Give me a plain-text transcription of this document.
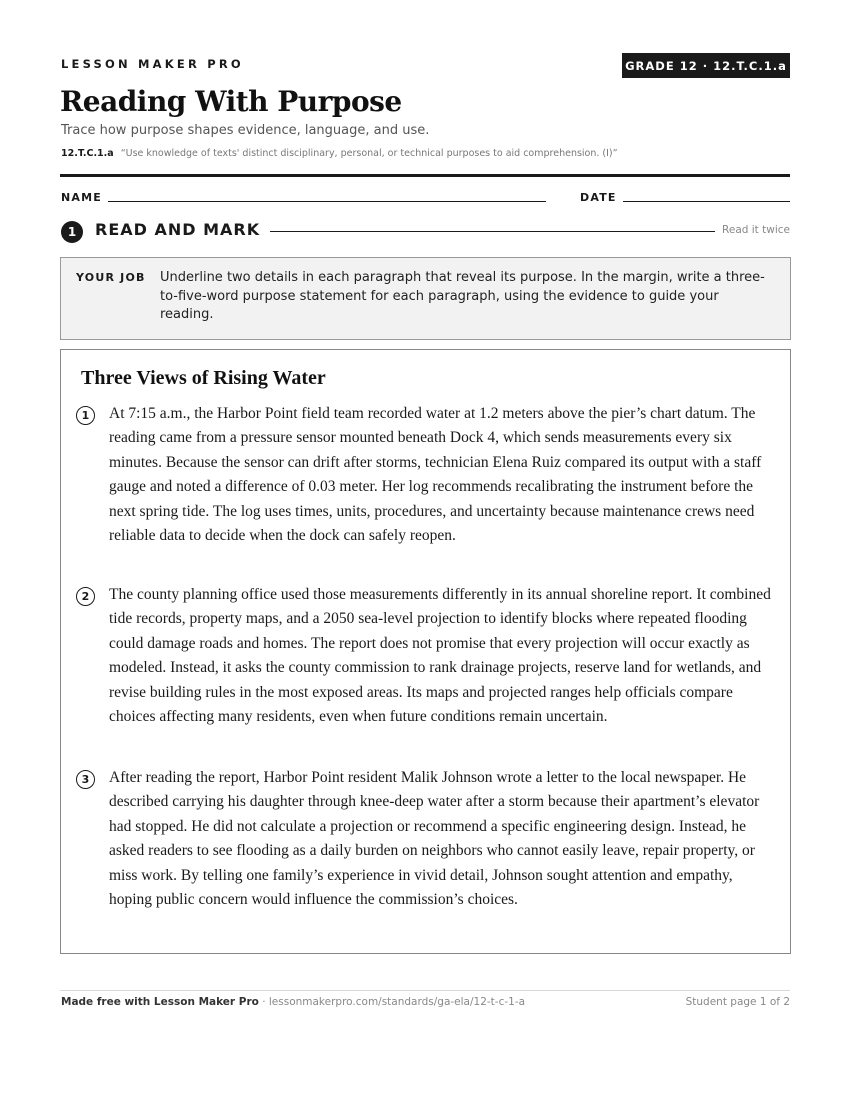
LESSON MAKER PRO	GRADE 12 · 12.T.C.1.a
Reading With Purpose
Trace how purpose shapes evidence, language, and use.
12.T.C.1.a “Use knowledge of texts' distinct disciplinary, personal, or technical purposes to aid comprehension. (I)”
NAME	DATE
1	READ AND MARK	Read it twice
YOUR JOB Underline two details in each paragraph that reveal its purpose. In the margin, write a three-to-five-word purpose statement for each paragraph, using the evidence to guide your reading.
Three Views of Rising Water
1	At 7:15 a.m., the Harbor Point field team recorded water at 1.2 meters above the pier’s chart datum. The reading came from a pressure sensor mounted beneath Dock 4, which sends measurements every six minutes. Because the sensor can drift after storms, technician Elena Ruiz compared its output with a staff gauge and noted a difference of 0.03 meter. Her log recommends recalibrating the instrument before the next spring tide. The log uses times, units, procedures, and uncertainty because maintenance crews need reliable data to decide when the dock can safely reopen.
2	The county planning office used those measurements differently in its annual shoreline report. It combined tide records, property maps, and a 2050 sea-level projection to identify blocks where repeated flooding could damage roads and homes. The report does not promise that every projection will occur exactly as modeled. Instead, it asks the county commission to rank drainage projects, reserve land for wetlands, and revise building rules in the most exposed areas. Its maps and projected ranges help officials compare choices affecting many residents, even when future conditions remain uncertain.
3	After reading the report, Harbor Point resident Malik Johnson wrote a letter to the local newspaper. He described carrying his daughter through knee-deep water after a storm because their apartment’s elevator had stopped. He did not calculate a projection or recommend a specific engineering design. Instead, he asked readers to see flooding as a daily burden on neighbors who cannot easily leave, repair property, or miss work. By telling one family’s experience in vivid detail, Johnson sought attention and empathy, hoping public concern would influence the commission’s choices.
Made free with Lesson Maker Pro · lessonmakerpro.com/standards/ga-ela/12-t-c-1-a	Student page 1 of 2
